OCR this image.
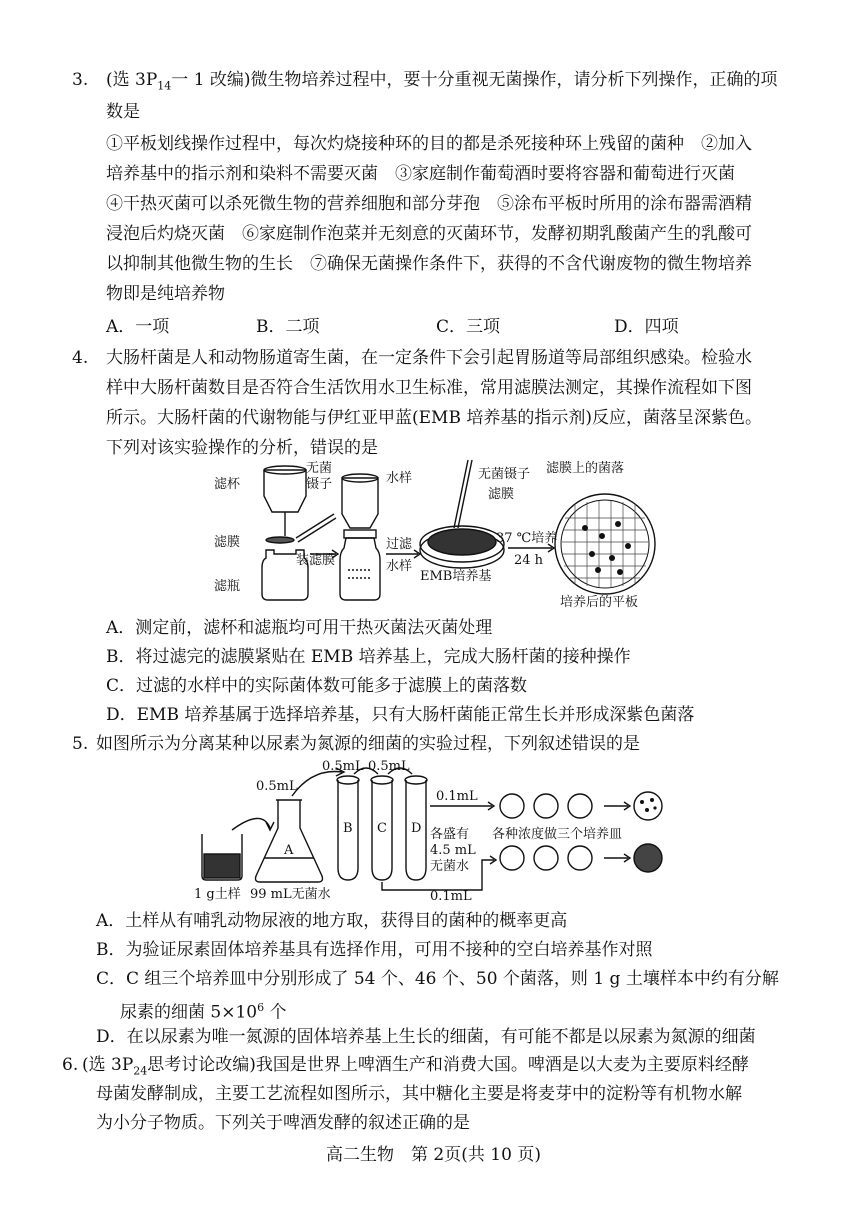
3. (选 $3P_{14}$一 1 改编)微生物培养过程中，要十分重视无菌操作，请分析下列操作，正确的项
数是
①平板划线操作过程中，每次灼烧接种环的目的都是杀死接种环上残留的菌种　②加入
培养基中的指示剂和染料不需要灭菌　③家庭制作葡萄酒时要将容器和葡萄进行灭菌
④干热灭菌可以杀死微生物的营养细胞和部分芽孢　⑤涂布平板时所用的涂布器需酒精
浸泡后灼烧灭菌　⑥家庭制作泡菜并无刻意的灭菌环节，发酵初期乳酸菌产生的乳酸可
以抑制其他微生物的生长　⑦确保无菌操作条件下，获得的不含代谢废物的微生物培养
物即是纯培养物
A．一项	B．二项	C．三项	D．四项
4. 大肠杆菌是人和动物肠道寄生菌，在一定条件下会引起胃肠道等局部组织感染。检验水
样中大肠杆菌数目是否符合生活饮用水卫生标准，常用滤膜法测定，其操作流程如下图
所示。大肠杆菌的代谢物能与伊红亚甲蓝(EMB 培养基的指示剂)反应，菌落呈深紫色。
下列对该实验操作的分析，错误的是
滤杯
无菌
镊子
滤膜
滤瓶
装滤膜
水样
过滤
水样
无菌镊子
滤膜
EMB培养基
37 ℃培养
24 h
滤膜上的菌落
培养后的平板
A．测定前，滤杯和滤瓶均可用干热灭菌法灭菌处理
B．将过滤完的滤膜紧贴在 EMB 培养基上，完成大肠杆菌的接种操作
C．过滤的水样中的实际菌体数可能多于滤膜上的菌落数
D．EMB 培养基属于选择培养基，只有大肠杆菌能正常生长并形成深紫色菌落
5. 如图所示为分离某种以尿素为氮源的细菌的实验过程，下列叙述错误的是
0.5mL
0.5mL 0.5mL
0.1mL
A
B C D
1 g土样 99 mL无菌水
各盛有
4.5 mL
无菌水
0.1mL
各种浓度做三个培养皿
A．土样从有哺乳动物尿液的地方取，获得目的菌种的概率更高
B．为验证尿素固体培养基具有选择作用，可用不接种的空白培养基作对照
C．C 组三个培养皿中分别形成了 54 个、46 个、50 个菌落，则 1 g 土壤样本中约有分解
尿素的细菌 $5\times 10^6$ 个
D．在以尿素为唯一氮源的固体培养基上生长的细菌，有可能不都是以尿素为氮源的细菌
6. (选 $3P_{24}$思考讨论改编)我国是世界上啤酒生产和消费大国。啤酒是以大麦为主要原料经酵
母菌发酵制成，主要工艺流程如图所示，其中糖化主要是将麦芽中的淀粉等有机物水解
为小分子物质。下列关于啤酒发酵的叙述正确的是
高二生物　第 2页(共 10 页)
